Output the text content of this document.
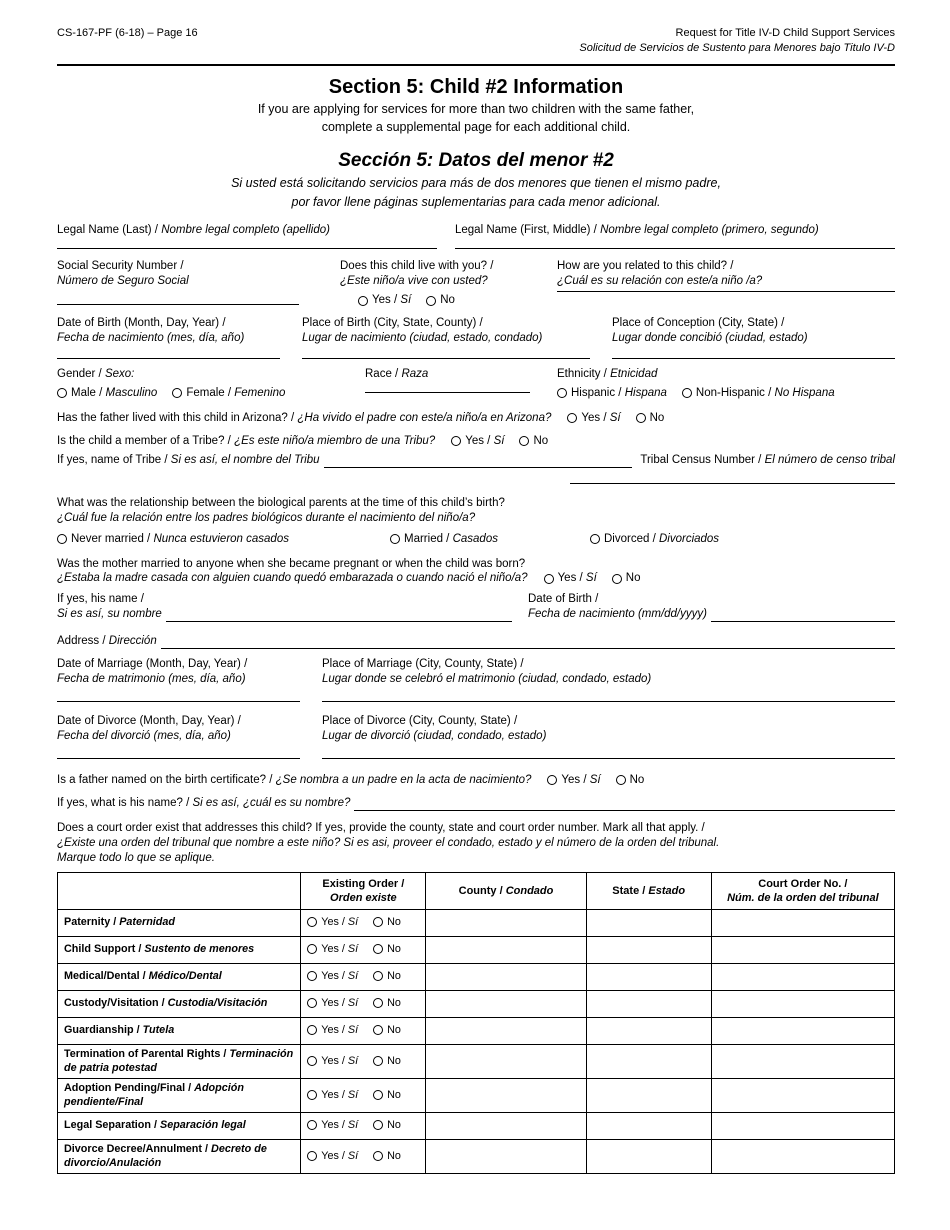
CS-167-PF (6-18) – Page 16	Request for Title IV-D Child Support Services
Solicitud de Servicios de Sustento para Menores bajo Titulo IV-D
Section 5: Child #2 Information
If you are applying for services for more than two children with the same father,
complete a supplemental page for each additional child.
Sección 5: Datos del menor #2
Si usted está solicitando servicios para más de dos menores que tienen el mismo padre,
por favor llene páginas suplementarias para cada menor adicional.
Legal Name (Last) / Nombre legal completo (apellido)	Legal Name (First, Middle) / Nombre legal completo (primero, segundo)
Social Security Number /
Número de Seguro Social
Does this child live with you? /
¿Este niño/a vive con usted?
Yes / Sí	No
How are you related to this child? /
¿Cuál es su relación con este/a niño /a?
Date of Birth (Month, Day, Year) /
Fecha de nacimiento (mes, día, año)
Place of Birth (City, State, County) /
Lugar de nacimiento (ciudad, estado, condado)
Place of Conception (City, State) /
Lugar donde concibió (ciudad, estado)
Gender / Sexo:
Male / Masculino	Female / Femenino
Race / Raza	Ethnicity / Etnicidad
Hispanic / Hispana	Non-Hispanic / No Hispana
Has the father lived with this child in Arizona? / ¿Ha vivido el padre con este/a niño/a en Arizona?	Yes / Sí	No
Is the child a member of a Tribe? / ¿Es este niño/a miembro de una Tribu?	Yes / Sí	No
If yes, name of Tribe / Si es así, el nombre del Tribu	Tribal Census Number / El número de censo tribal
What was the relationship between the biological parents at the time of this child’s birth?
¿Cuál fue la relación entre los padres biológicos durante el nacimiento del niño/a?
Never married / Nunca estuvieron casados	Married / Casados	Divorced / Divorciados
Was the mother married to anyone when she became pregnant or when the child was born?
¿Estaba la madre casada con alguien cuando quedó embarazada o cuando nació el niño/a?	Yes / Sí	No
If yes, his name /
Si es así, su nombre
Date of Birth /
Fecha de nacimiento (mm/dd/yyyy)
Address / Dirección
Date of Marriage (Month, Day, Year) /
Fecha de matrimonio (mes, día, año)
Place of Marriage (City, County, State) /
Lugar donde se celebró el matrimonio (ciudad, condado, estado)
Date of Divorce (Month, Day, Year) /
Fecha del divorció (mes, día, año)
Place of Divorce (City, County, State) /
Lugar de divorció (ciudad, condado, estado)
Is a father named on the birth certificate? / ¿Se nombra a un padre en la acta de nacimiento?	Yes / Sí	No
If yes, what is his name? / Si es así, ¿cuál es su nombre?
Does a court order exist that addresses this child? If yes, provide the county, state and court order number. Mark all that apply. /
¿Existe una orden del tribunal que nombre a este niño? Si es asi, proveer el condado, estado y el número de la orden del tribunal.
Marque todo lo que se aplique.
	Existing Order /
Orden existe	County / Condado	State / Estado	Court Order No. /
Núm. de la orden del tribunal
Paternity / Paternidad	Yes / Sí No			

Child Support / Sustento de menores	Yes / Sí No			

Medical/Dental / Médico/Dental	Yes / Sí No			

Custody/Visitation / Custodia/Visitación	Yes / Sí No			

Guardianship / Tutela	Yes / Sí No			

Termination of Parental Rights / Terminación de patria potestad	Yes / Sí No			

Adoption Pending/Final / Adopción pendiente/Final	Yes / Sí No			

Legal Separation / Separación legal	Yes / Sí No			

Divorce Decree/Annulment / Decreto de divorcio/Anulación	Yes / Sí No			
